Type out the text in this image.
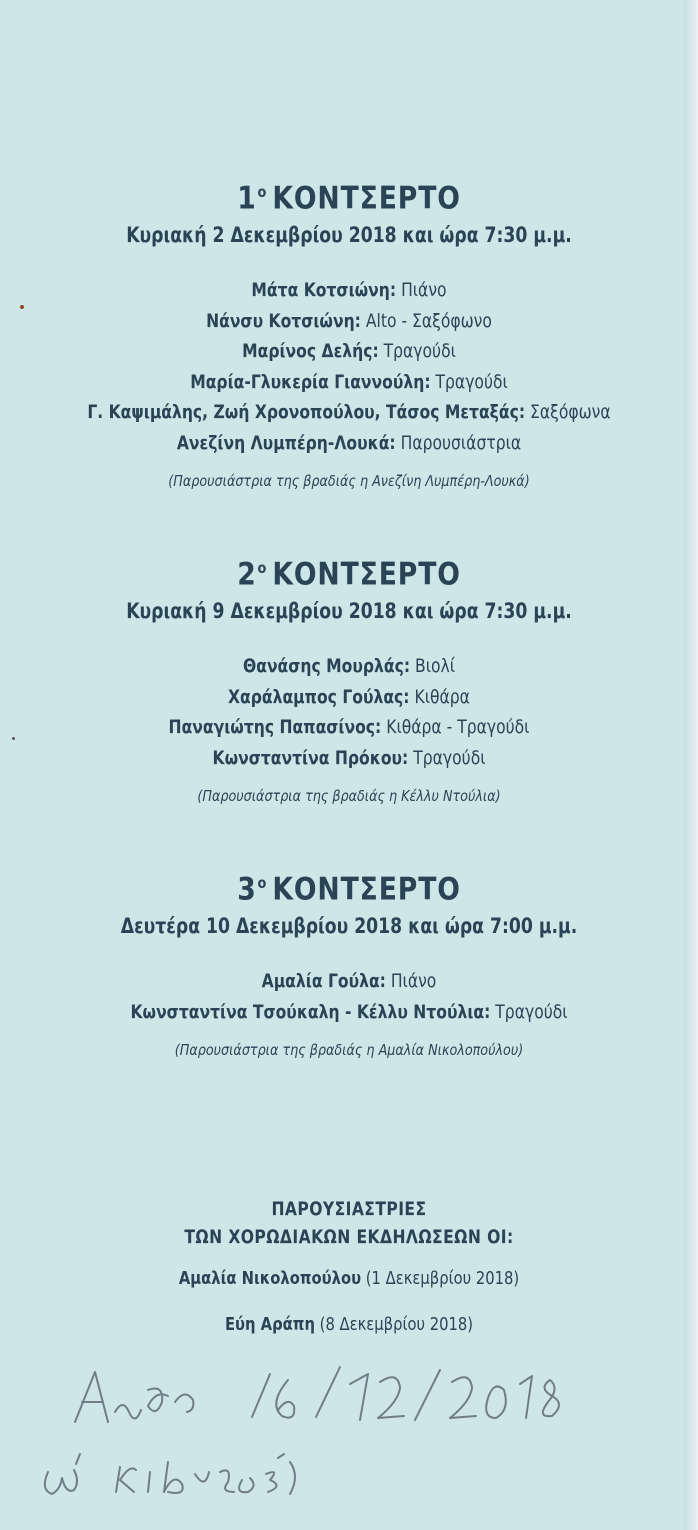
$1^o$ ΚΟΝΤΣΕΡΤΟ
Κυριακή 2 Δεκεμβρίου 2018 και ώρα 7:30 μ.μ.
Μάτα Κοτσιώνη: Πιάνο
Νάνσυ Κοτσιώνη: Alto - Σαξόφωνο
Μαρίνος Δελής: Τραγούδι
Μαρία-Γλυκερία Γιαννούλη: Τραγούδι
Γ. Καψιμάλης, Ζωή Χρονοπούλου, Τάσος Μεταξάς: Σαξόφωνα
Ανεζίνη Λυμπέρη-Λουκά: Παρουσιάστρια
(Παρουσιάστρια της βραδιάς η Ανεζίνη Λυμπέρη-Λουκά)
$2^o$ ΚΟΝΤΣΕΡΤΟ
Κυριακή 9 Δεκεμβρίου 2018 και ώρα 7:30 μ.μ.
Θανάσης Μουρλάς: Βιολί
Χαράλαμπος Γούλας: Κιθάρα
Παναγιώτης Παπασίνος: Κιθάρα - Τραγούδι
Κωνσταντίνα Πρόκου: Τραγούδι
(Παρουσιάστρια της βραδιάς η Κέλλυ Ντούλια)
$3^o$ ΚΟΝΤΣΕΡΤΟ
Δευτέρα 10 Δεκεμβρίου 2018 και ώρα 7:00 μ.μ.
Αμαλία Γούλα: Πιάνο
Κωνσταντίνα Τσούκαλη - Κέλλυ Ντούλια: Τραγούδι
(Παρουσιάστρια της βραδιάς η Αμαλία Νικολοπούλου)
ΠΑΡΟΥΣΙΑΣΤΡΙΕΣ
ΤΩΝ ΧΟΡΩΔΙΑΚΩΝ ΕΚΔΗΛΩΣΕΩΝ ΟΙ:
Αμαλία Νικολοπούλου (1 Δεκεμβρίου 2018)
Εύη Αράπη (8 Δεκεμβρίου 2018)
